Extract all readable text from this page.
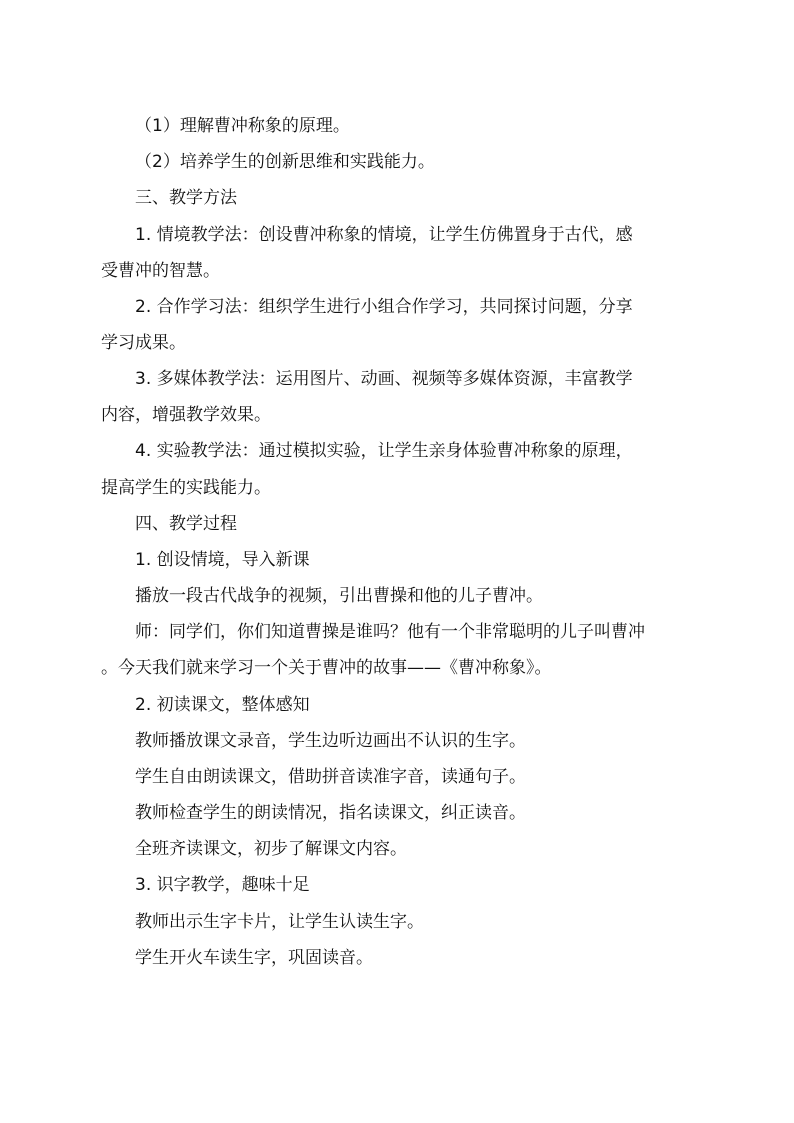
（1）理解曹冲称象的原理。
（2）培养学生的创新思维和实践能力。
三、教学方法
1. 情境教学法：创设曹冲称象的情境，让学生仿佛置身于古代，感
受曹冲的智慧。
2. 合作学习法：组织学生进行小组合作学习，共同探讨问题，分享
学习成果。
3. 多媒体教学法：运用图片、动画、视频等多媒体资源，丰富教学
内容，增强教学效果。
4. 实验教学法：通过模拟实验，让学生亲身体验曹冲称象的原理，
提高学生的实践能力。
四、教学过程
1. 创设情境，导入新课
播放一段古代战争的视频，引出曹操和他的儿子曹冲。
师：同学们，你们知道曹操是谁吗？他有一个非常聪明的儿子叫曹冲
。今天我们就来学习一个关于曹冲的故事——《曹冲称象》。
2. 初读课文，整体感知
教师播放课文录音，学生边听边画出不认识的生字。
学生自由朗读课文，借助拼音读准字音，读通句子。
教师检查学生的朗读情况，指名读课文，纠正读音。
全班齐读课文，初步了解课文内容。
3. 识字教学，趣味十足
教师出示生字卡片，让学生认读生字。
学生开火车读生字，巩固读音。
